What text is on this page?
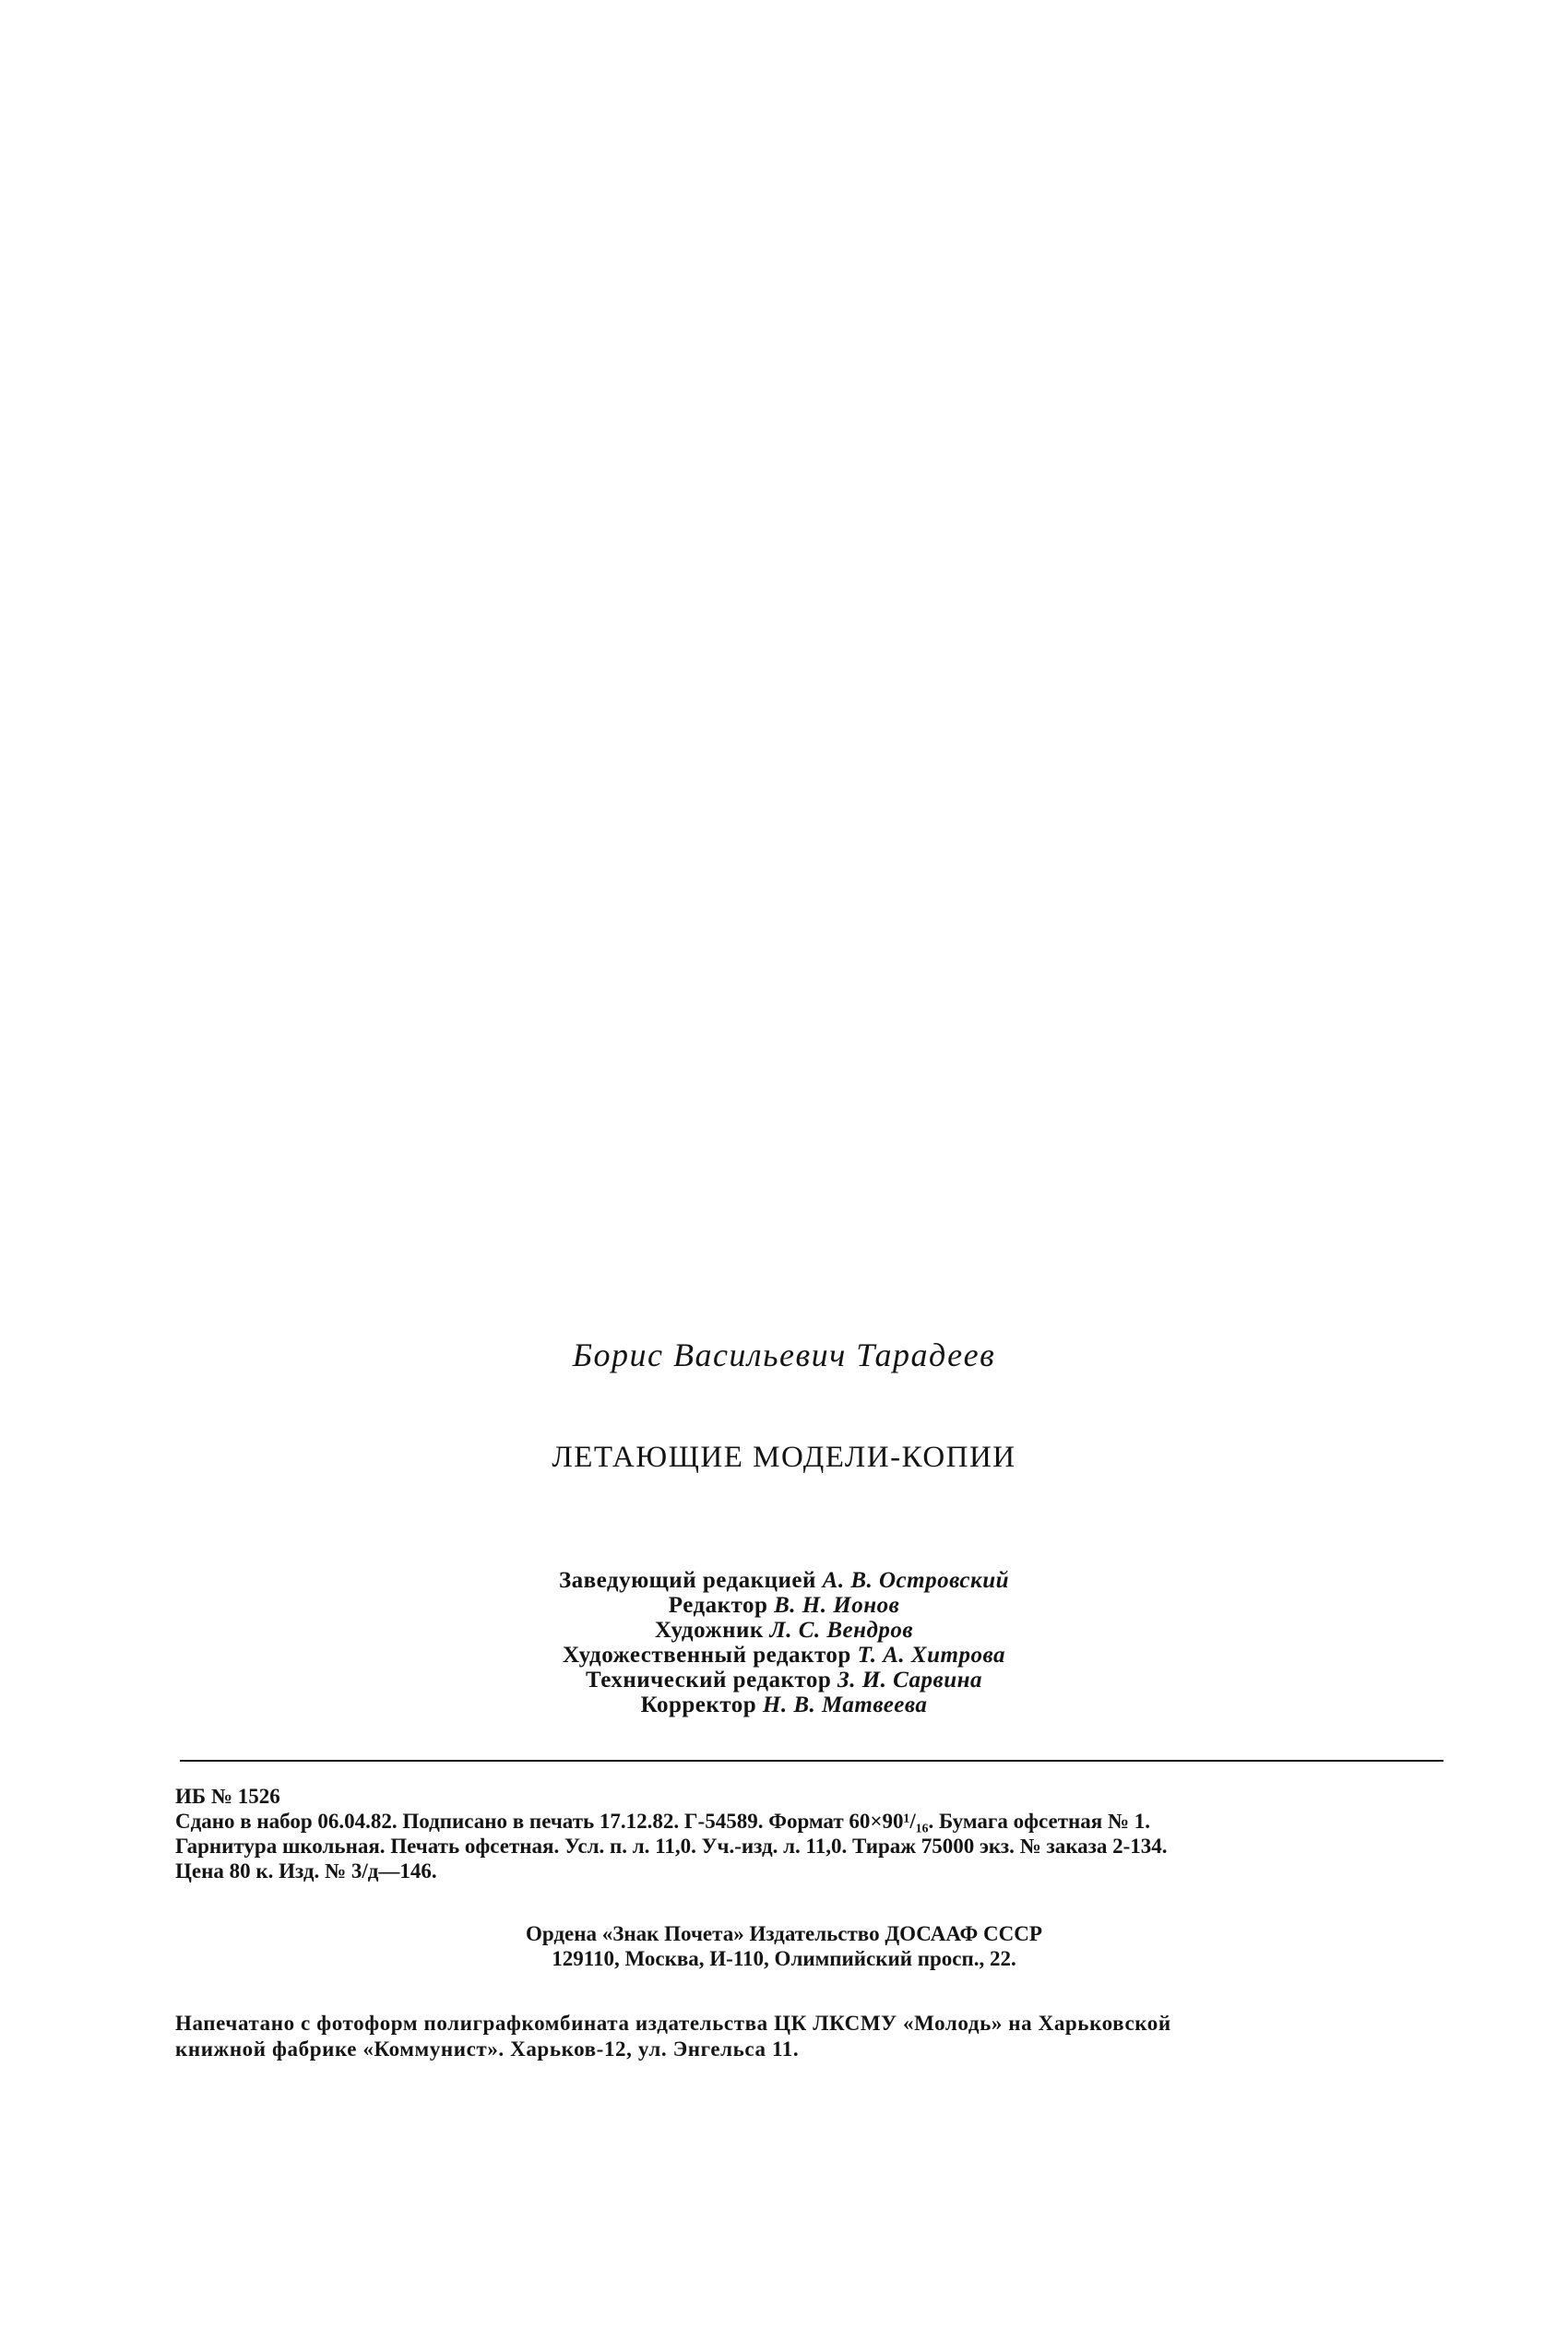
Борис Васильевич Тарадеев
ЛЕТАЮЩИЕ МОДЕЛИ-КОПИИ
Заведующий редакцией А. В. Островский
Редактор В. Н. Ионов
Художник Л. С. Вендров
Художественный редактор Т. А. Хитрова
Технический редактор З. И. Сарвина
Корректор Н. В. Матвеева
ИБ № 1526
Сдано в набор 06.04.82. Подписано в печать 17.12.82. Г-54589. Формат 60×90¹/₁₆. Бумага офсетная № 1.
Гарнитура школьная. Печать офсетная. Усл. п. л. 11,0. Уч.-изд. л. 11,0. Тираж 75000 экз. № заказа 2-134.
Цена 80 к. Изд. № 3/д—146.
Ордена «Знак Почета» Издательство ДОСААФ СССР
129110, Москва, И-110, Олимпийский просп., 22.
Напечатано с фотоформ полиграфкомбината издательства ЦК ЛКСМУ «Молодь» на Харьковской
книжной фабрике «Коммунист». Харьков-12, ул. Энгельса 11.
